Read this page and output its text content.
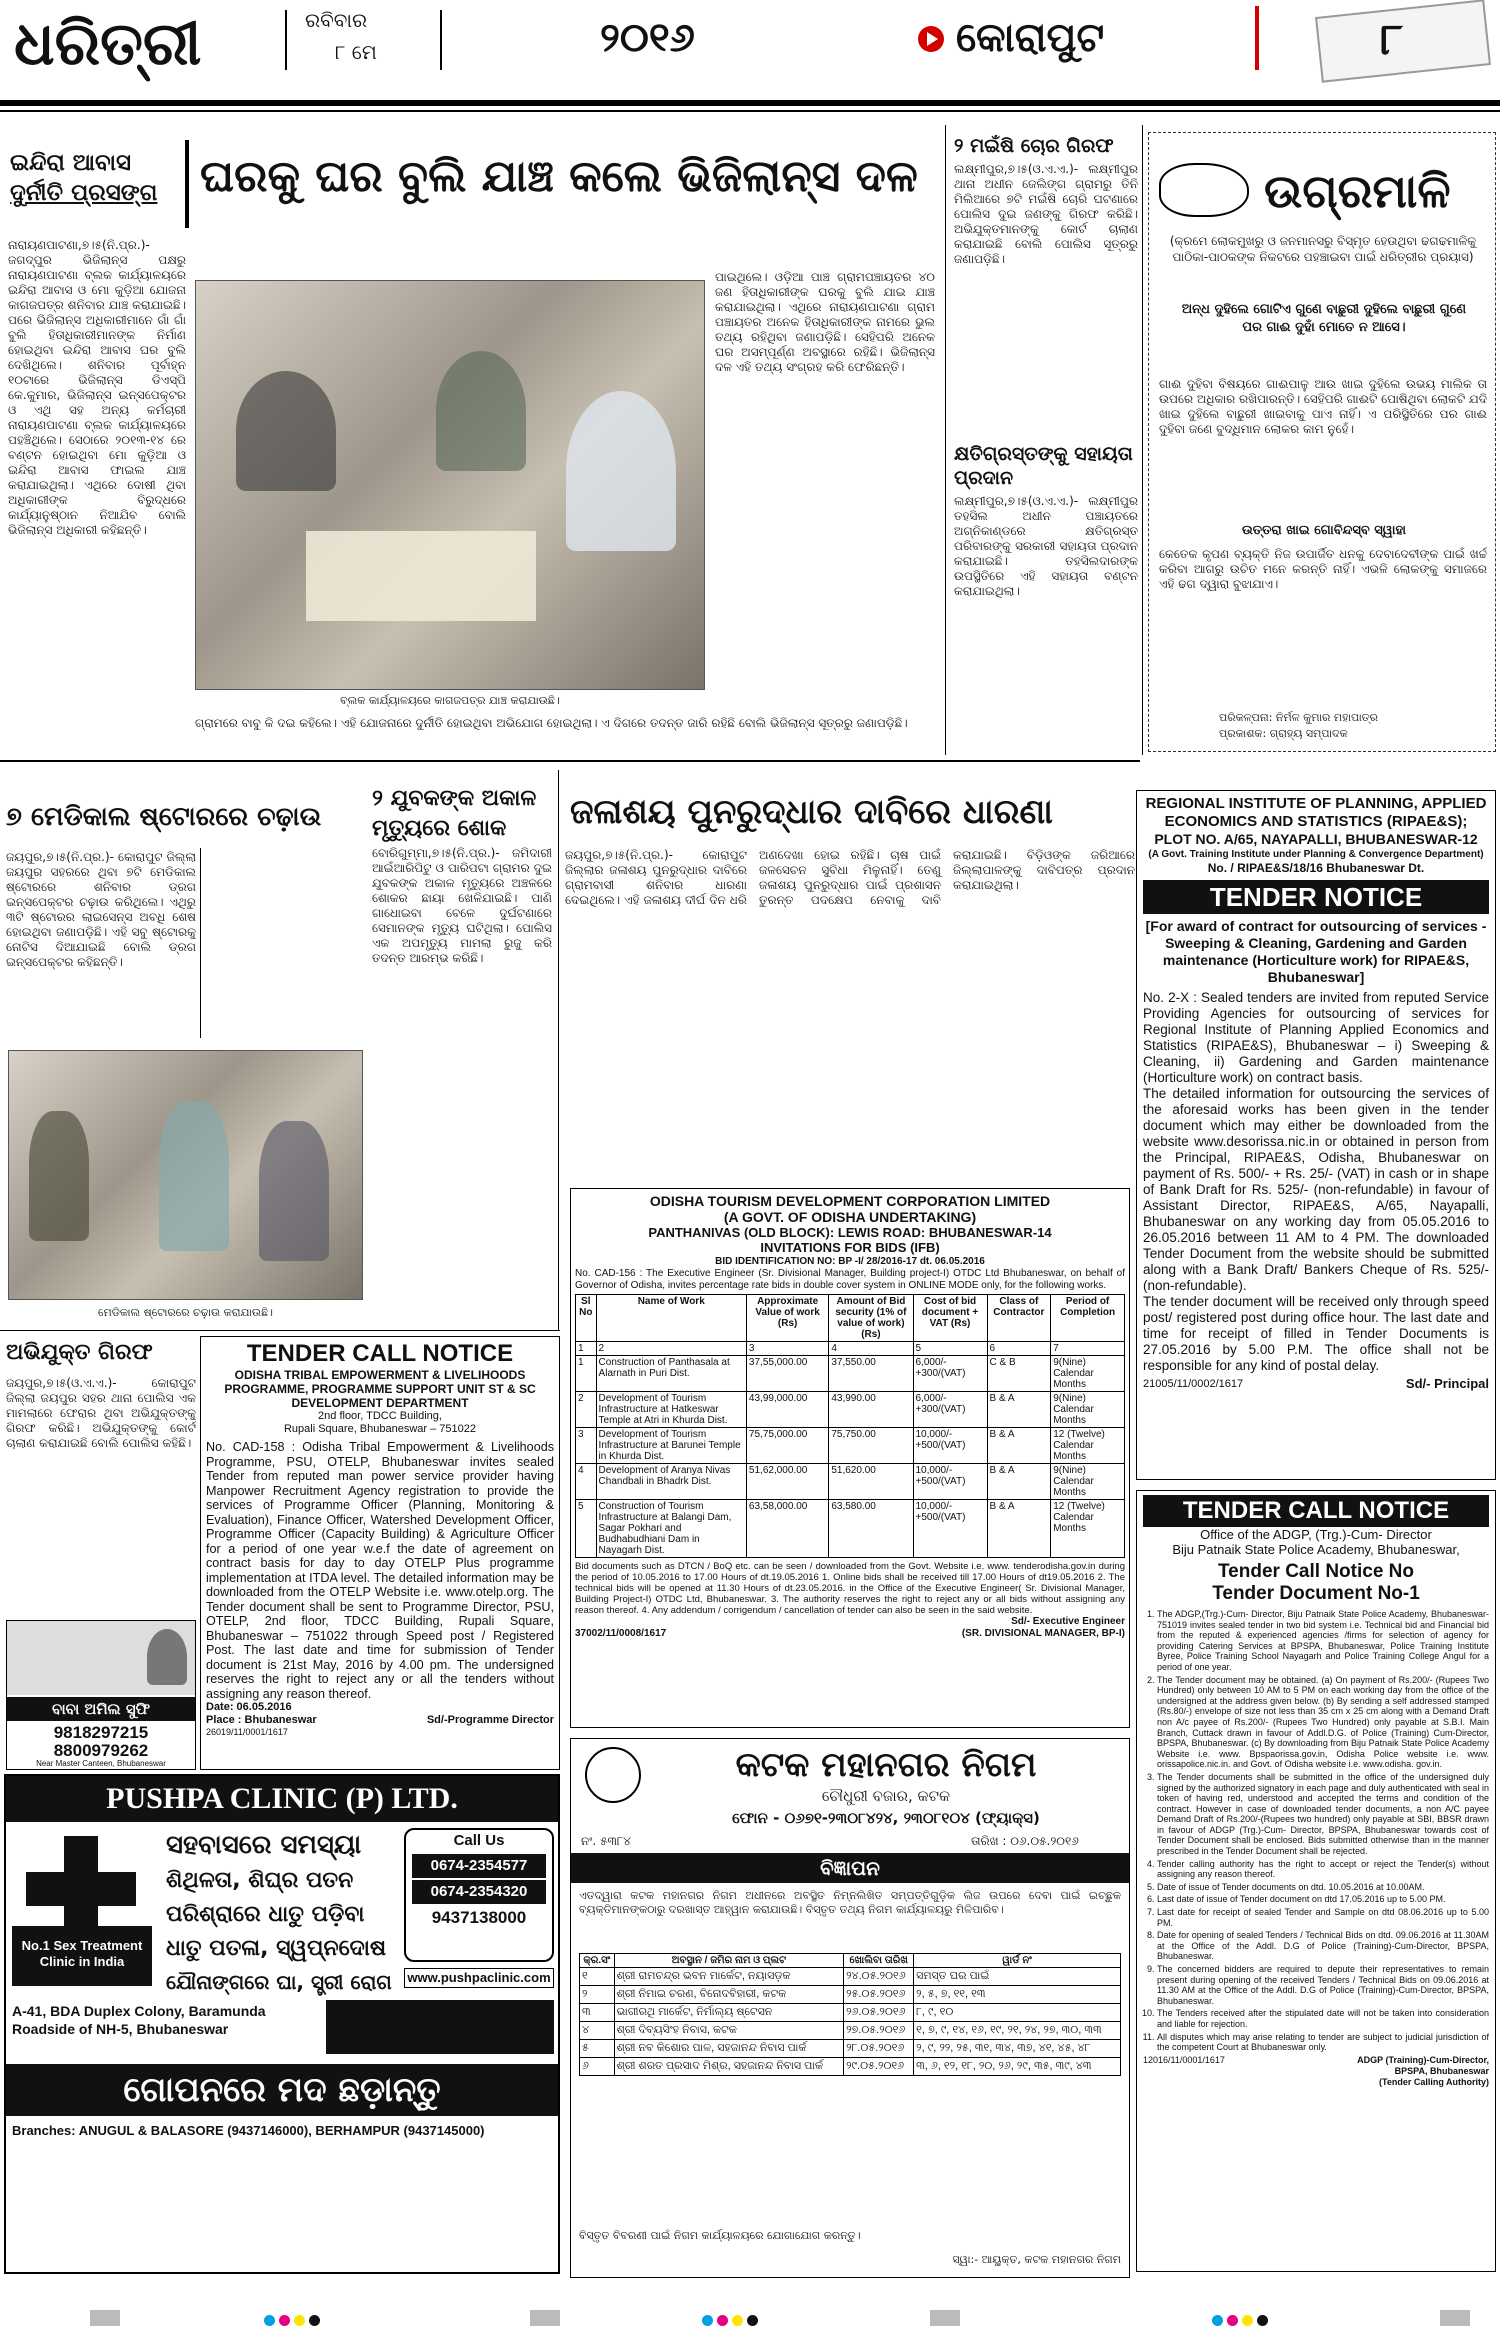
ଧରିତ୍ରୀ	ରବିବାର
୮ ମେ	୨୦୧୬	କୋରାପୁଟ	୮
ଇନ୍ଦିରା ଆବାସ
ଦୁର୍ନୀତି ପ୍ରସଙ୍ଗ ଘରକୁ ଘର ବୁଲି ଯାଞ୍ଚ କଲେ ଭିଜିଲାନ୍ସ ଦଳ
ନାରାୟଣପାଟଣା,୭।୫(ନି.ପ୍ର.)- ଜଗଦ୍ପୁର ଭିଜିଲାନ୍ସ ପକ୍ଷରୁ ନାରାୟଣପାଟଣା ବ୍ଲକ କାର୍ଯ୍ୟାଳୟରେ ଇନ୍ଦିରା ଆବାସ ଓ ମୋ କୁଡ଼ିଆ ଯୋଜନା କାଗଜପତ୍ର ଶନିବାର ଯାଞ୍ଚ କରାଯାଇଛି। ପରେ ଭିଜିଲାନ୍ସ ଅଧିକାରୀମାନେ ଗାଁ ଗାଁ ବୁଲି ହିତାଧିକାରୀମାନଙ୍କ ନିର୍ମାଣ ହୋଇଥିବା ଇନ୍ଦିରା ଆବାସ ଘର ବୁଲି ଦେଖିଥିଲେ। ଶନିବାର ପୂର୍ବାହ୍ନ ୧୦ଟାରେ ଭିଜିଲାନ୍ସ ଡିଏସ୍ପି କେ.କୁମାର, ଭିଜିଲାନ୍ସ ଇନ୍ସପେକ୍ଟର ଓ ଏଥି ସହ ଅନ୍ୟ କର୍ମଚାରୀ ନାରାୟଣପାଟଣା ବ୍ଲକ କାର୍ଯ୍ୟାଳୟରେ ପହଞ୍ଚିଥିଲେ। ସେଠାରେ ୨୦୧୩-୧୪ ରେ ବଣ୍ଟନ ହୋଇଥିବା ମୋ କୁଡ଼ିଆ ଓ ଇନ୍ଦିରା ଆବାସ ଫାଇଲ ଯାଞ୍ଚ କରାଯାଇଥିଲା। ଏଥିରେ ଦୋଷୀ ଥିବା ଅଧିକାରୀଙ୍କ ବିରୁଦ୍ଧରେ କାର୍ଯ୍ୟାନୁଷ୍ଠାନ ନିଆଯିବ ବୋଲି ଭିଜିଲାନ୍ସ ଅଧିକାରୀ କହିଛନ୍ତି।
ବ୍ଲକ କାର୍ଯ୍ୟାଳୟରେ କାଗଜପତ୍ର ଯାଞ୍ଚ କରାଯାଉଛି।
ପାଇଥିଲେ। ଓଡ଼ିଆ ପାଞ୍ଚ ଗ୍ରାମପଞ୍ଚାୟତର ୪୦ ଜଣ ହିତାଧିକାରୀଙ୍କ ଘରକୁ ବୁଲି ଯାଇ ଯାଞ୍ଚ କରାଯାଇଥିଲା। ଏଥିରେ ନାରାୟଣପାଟଣା ଗ୍ରାମ ପଞ୍ଚାୟତର ଅନେକ ହିତାଧିକାରୀଙ୍କ ନାମରେ ଭୁଲ ତଥ୍ୟ ରହିଥିବା ଜଣାପଡ଼ିଛି। ସେହିପରି ଅନେକ ଘର ଅସମ୍ପୂର୍ଣ୍ଣ ଅବସ୍ଥାରେ ରହିଛି। ଭିଜିଲାନ୍ସ ଦଳ ଏହି ତଥ୍ୟ ସଂଗ୍ରହ କରି ଫେରିଛନ୍ତି।
ଗ୍ରାମରେ ବାବୁ କି ଦଇ କହିଲେ। ଏହି ଯୋଜନାରେ ଦୁର୍ନୀତି ହୋଇଥିବା ଅଭିଯୋଗ ହୋଇଥିଲା। ଏ ଦିଗରେ ତଦନ୍ତ ଜାରି ରହିଛି ବୋଲି ଭିଜିଲାନ୍ସ ସୂତ୍ରରୁ ଜଣାପଡ଼ିଛି।
୨ ମଇଁଷି ଚୋର ଗିରଫ
ଲକ୍ଷ୍ମୀପୁର,୭।୫(ଓ.ଏ.ଏ.)- ଲକ୍ଷ୍ମୀପୁର ଥାନା ଅଧୀନ ଜେଲିଙ୍ଗ ଗ୍ରାମରୁ ତିନି ମିଲିଆରେ ୭ଟି ମଇଁଷି ଚୋରି ଘଟଣାରେ ପୋଲିସ ଦୁଇ ଜଣଙ୍କୁ ଗିରଫ କରିଛି। ଅଭିଯୁକ୍ତମାନଙ୍କୁ କୋର୍ଟ ଚାଲାଣ କରାଯାଇଛି ବୋଲି ପୋଲିସ ସୂତ୍ରରୁ ଜଣାପଡ଼ିଛି।
କ୍ଷତିଗ୍ରସ୍ତଙ୍କୁ ସହାୟତା ପ୍ରଦାନ
ଲକ୍ଷ୍ମୀପୁର,୭।୫(ଓ.ଏ.ଏ.)- ଲକ୍ଷ୍ମୀପୁର ତହସିଲ ଅଧୀନ ପଞ୍ଚାୟତରେ ଅଗ୍ନିକାଣ୍ଡରେ କ୍ଷତିଗ୍ରସ୍ତ ପରିବାରଙ୍କୁ ସରକାରୀ ସହାୟତା ପ୍ରଦାନ କରାଯାଇଛି। ତହସିଲଦାରଙ୍କ ଉପସ୍ଥିତିରେ ଏହି ସହାୟତା ବଣ୍ଟନ କରାଯାଇଥିଲା।
ଉଗ୍ରମାଳି
(କ୍ରମେ ଲୋକମୁଖରୁ ଓ ଜନମାନସରୁ ବିସ୍ମୃତ ହେଉଥିବା ଢଗଢମାଳିକୁ ପାଠିକା-ପାଠକଙ୍କ ନିକଟରେ ପହଞ୍ଚାଇବା ପାଇଁ ଧରିତ୍ରୀର ପ୍ରୟାସ)
ଅନ୍ଧ ଦୁହିଲେ ଗୋଟିଏ ଗୁଣେ ବାଛୁରୀ ଦୁହିଲେ ବାଛୁରୀ ଗୁଣେ ପର ଗାଈ ଦୁହାଁ ମୋତେ ନ ଆସେ।
ଗାଈ ଦୁହିବା ବିଷୟରେ ଗାଈପାଳୁ ଆଉ ଖାଇ ଦୁହିଲେ ଉଭୟ ମାଲିକ ତା ଉପରେ ଅଧିକାର ରଖିପାରନ୍ତି। ସେହିପରି ଗାଈଟି ପୋଷିଥିବା ଲୋକଟି ଯଦି ଖାଇ ଦୁହିଲେ ବାଛୁରୀ ଖାଇବାକୁ ପାଏ ନାହିଁ। ଏ ପରିସ୍ଥିତିରେ ପର ଗାଈ ଦୁହିବା ଜଣେ ବୁଦ୍ଧିମାନ ଲୋକର କାମ ନୁହେଁ।
ଉତ୍ତରା ଖାଇ ଗୋବିନ୍ଦସ୍ବ ସ୍ୱାହା
କେତେକ କୃପଣ ବ୍ୟକ୍ତି ନିଜ ଉପାର୍ଜିତ ଧନକୁ ଦେବାଦେବୀଙ୍କ ପାଇଁ ଖର୍ଚ୍ଚ କରିବା ଆଗରୁ ଉଚିତ ମନେ କରନ୍ତି ନାହିଁ। ଏଭଳି ଲୋକଙ୍କୁ ସମାଜରେ ଏହି ଢଗ ଦ୍ୱାରା ବୁଝାଯାଏ।
ପରିକଳ୍ପନା: ନିର୍ମଳ କୁମାର ମହାପାତ୍ର
ପ୍ରକାଶକ: ଗ୍ରାହ୍ୟ ସମ୍ପାଦକ
୭ ମେଡିକାଲ ଷ୍ଟୋରରେ ଚଢ଼ାଉ
ଜୟପୁର,୭।୫(ନି.ପ୍ର.)- କୋରାପୁଟ ଜିଲ୍ଲା ଜୟପୁର ସହରରେ ଥିବା ୭ଟି ମେଡିକାଲ ଷ୍ଟୋରରେ ଶନିବାର ଡ୍ରଗ ଇନ୍ସପେକ୍ଟର ଚଢ଼ାଉ କରିଥିଲେ। ଏଥିରୁ ୩ଟି ଷ୍ଟୋରର ଲାଇସେନ୍ସ ଅବଧି ଶେଷ ହୋଇଥିବା ଜଣାପଡ଼ିଛି। ଏହି ସବୁ ଷ୍ଟୋରକୁ ନୋଟିସ ଦିଆଯାଇଛି ବୋଲି ଡ୍ରଗ ଇନ୍ସପେକ୍ଟର କହିଛନ୍ତି।
ମେଡିକାଲ ଷ୍ଟୋରରେ ଚଢ଼ାଉ କରାଯାଉଛି।
୨ ଯୁବକଙ୍କ ଅକାଳ ମୃତ୍ୟୁରେ ଶୋକ
ବୋରିଗୁମ୍ମା,୭।୫(ନି.ପ୍ର.)- ଜମିଦାରୀ ଆଇଁଆରିପିଟୁ ଓ ପାରିପଟା ଗ୍ରାମର ଦୁଇ ଯୁବକଙ୍କ ଅକାଳ ମୃତ୍ୟୁରେ ଅଞ୍ଚଳରେ ଶୋକର ଛାୟା ଖେଳିଯାଇଛି। ପାଣି ଗାଧୋଇବା ବେଳେ ଦୁର୍ଘଟଣାରେ ସେମାନଙ୍କ ମୃତ୍ୟୁ ଘଟିଥିଲା। ପୋଲିସ ଏକ ଅପମୃତ୍ୟୁ ମାମଲା ରୁଜୁ କରି ତଦନ୍ତ ଆରମ୍ଭ କରିଛି।
ଜଳାଶୟ ପୁନରୁଦ୍ଧାର ଦାବିରେ ଧାରଣା
ଜୟପୁର,୭।୫(ନି.ପ୍ର.)- କୋରାପୁଟ ଜିଲ୍ଲାର ଜଳାଶୟ ପୁନରୁଦ୍ଧାର ଦାବିରେ ଗ୍ରାମବାସୀ ଶନିବାର ଧାରଣା ଦେଇଥିଲେ। ଏହି ଜଳାଶୟ ଦୀର୍ଘ ଦିନ ଧରି ଅଣଦେଖା ହୋଇ ରହିଛି। ଚାଷ ପାଇଁ ଜଳସେଚନ ସୁବିଧା ମିଳୁନାହିଁ। ତେଣୁ ଜଳାଶୟ ପୁନରୁଦ୍ଧାର ପାଇଁ ପ୍ରଶାସନ ତୁରନ୍ତ ପଦକ୍ଷେପ ନେବାକୁ ଦାବି କରାଯାଇଛି। ବିଡ଼ିଓଙ୍କ ଜରିଆରେ ଜିଲ୍ଲାପାଳଙ୍କୁ ଦାବିପତ୍ର ପ୍ରଦାନ କରାଯାଇଥିଲା।
ODISHA TOURISM DEVELOPMENT CORPORATION LIMITED
(A GOVT. OF ODISHA UNDERTAKING)
PANTHANIVAS (OLD BLOCK): LEWIS ROAD: BHUBANESWAR-14
INVITATIONS FOR BIDS (IFB)
BID IDENTIFICATION NO: BP -I/ 28/2016-17 dt. 06.05.2016
No. CAD-156 : The Executive Engineer (Sr. Divisional Manager, Building project-I) OTDC Ltd Bhubaneswar, on behalf of Governor of Odisha, invites percentage rate bids in double cover system in ONLINE MODE only, for the following works.
Sl No	Name of Work	Approximate Value of work (Rs)	Amount of Bid security (1% of value of work) (Rs)	Cost of bid document + VAT (Rs)	Class of Contractor	Period of Completion
1	2	3	4	5	6	7
1	Construction of Panthasala at Alarnath in Puri Dist.	37,55,000.00	37,550.00	6,000/- +300/(VAT)	C & B	9(Nine) Calendar Months
2	Development of Tourism Infrastructure at Hatkeswar Temple at Atri in Khurda Dist.	43,99,000.00	43,990.00	6,000/- +300/(VAT)	B & A	9(Nine) Calendar Months
3	Development of Tourism Infrastructure at Barunei Temple in Khurda Dist.	75,75,000.00	75,750.00	10,000/- +500/(VAT)	B & A	12 (Twelve) Calendar Months
4	Development of Aranya Nivas Chandbali in Bhadrk Dist.	51,62,000.00	51,620.00	10,000/- +500/(VAT)	B & A	9(Nine) Calendar Months
5	Construction of Tourism Infrastructure at Balangi Dam, Sagar Pokhari and Budhabudhiani Dam in Nayagarh Dist.	63,58,000.00	63,580.00	10,000/- +500/(VAT)	B & A	12 (Twelve) Calendar Months
Bid documents such as DTCN / BoQ etc. can be seen / downloaded from the Govt. Website i.e. www. tenderodisha.gov.in during the period of 10.05.2016 to 17.00 Hours of dt.19.05.2016 1. Online bids shall be received till 17.00 Hours of dt19.05.2016 2. The technical bids will be opened at 11.30 Hours of dt.23.05.2016. in the Office of the Executive Engineer( Sr. Divisional Manager, Building Project-I) OTDC Ltd, Bhubaneswar. 3. The authority reserves the right to reject any or all bids without assigning any reason thereof. 4. Any addendum / corrigendum / cancellation of tender can also be seen in the said website.
Sd/- Executive Engineer
37002/11/0008/1617	(SR. DIVISIONAL MANAGER, BP-I)
ଅଭିଯୁକ୍ତ ଗିରଫ
ଜୟପୁର,୭।୫(ଓ.ଏ.ଏ.)- କୋରାପୁଟ ଜିଲ୍ଲା ଜୟପୁର ସହର ଥାନା ପୋଲିସ ଏକ ମାମଲାରେ ଫେରାର ଥିବା ଅଭିଯୁକ୍ତଙ୍କୁ ଗିରଫ କରିଛି। ଅଭିଯୁକ୍ତଙ୍କୁ କୋର୍ଟ ଚାଲାଣ କରାଯାଇଛି ବୋଲି ପୋଲିସ କହିଛି।
ବାବା ଅମିଲ ସୁଫି
9818297215
8800979262
Near Master Canteen, Bhubaneswar
TENDER CALL NOTICE
ODISHA TRIBAL EMPOWERMENT & LIVELIHOODS PROGRAMME, PROGRAMME SUPPORT UNIT ST & SC DEVELOPMENT DEPARTMENT
2nd floor, TDCC Building,
Rupali Square, Bhubaneswar – 751022
No. CAD-158 : Odisha Tribal Empowerment & Livelihoods Programme, PSU, OTELP, Bhubaneswar invites sealed Tender from reputed man power service provider having Manpower Recruitment Agency registration to provide the services of Programme Officer (Planning, Monitoring & Evaluation), Finance Officer, Watershed Development Officer, Programme Officer (Capacity Building) & Agriculture Officer for a period of one year w.e.f the date of agreement on contract basis for day to day OTELP Plus programme implementation at ITDA level. The detailed information may be downloaded from the OTELP Website i.e. www.otelp.org. The Tender document shall be sent to Programme Director, PSU, OTELP, 2nd floor, TDCC Building, Rupali Square, Bhubaneswar – 751022 through Speed post / Registered Post. The last date and time for submission of Tender document is 21st May, 2016 by 4.00 pm. The undersigned reserves the right to reject any or all the tenders without assigning any reason thereof.
Date: 06.05.2016
Place : Bhubaneswar	Sd/-Programme Director
26019/11/0001/1617
PUSHPA CLINIC (P) LTD.
No.1 Sex Treatment Clinic in India
ସହବାସରେ ସମସ୍ୟା
ଶିଥିଳତା, ଶିଘ୍ର ପତନ
ପରିଶ୍ରାରେ ଧାତୁ ପଡ଼ିବା
ଧାତୁ ପତଳା, ସ୍ୱପ୍ନଦୋଷ
ଯୌନାଙ୍ଗରେ ଘା, ସ୍ତ୍ରୀ ରୋଗ
Call Us
0674-2354577
0674-2354320
9437138000
www.pushpaclinic.com
A-41, BDA Duplex Colony, Baramunda Roadside of NH-5, Bhubaneswar
ଗୋପନରେ ମଦ ଛଡ଼ାନ୍ତୁ
Branches: ANUGUL & BALASORE (9437146000), BERHAMPUR (9437145000)
କଟକ ମହାନଗର ନିଗମ
ଚୌଧୁରୀ ବଜାର, କଟକ
ଫୋନ - ୦୬୭୧-୨୩୦୮୪୨୪, ୨୩୦୮୧୦୪ (ଫ୍ୟାକ୍ସ)
ନଂ. ୫୩୮୪	ତାରିଖ : ୦୬.୦୫.୨୦୧୬
ବିଜ୍ଞାପନ
ଏତଦ୍ୱାରା କଟକ ମହାନଗର ନିଗମ ଅଧୀନରେ ଅବସ୍ଥିତ ନିମ୍ନଲିଖିତ ସମ୍ପତ୍ତିଗୁଡ଼ିକ ଲିଜ ଉପରେ ଦେବା ପାଇଁ ଇଚ୍ଛୁକ ବ୍ୟକ୍ତିମାନଙ୍କଠାରୁ ଦରଖାସ୍ତ ଆହ୍ୱାନ କରାଯାଉଛି। ବିସ୍ତୃତ ତଥ୍ୟ ନିଗମ କାର୍ଯ୍ୟାଳୟରୁ ମିଳିପାରିବ।
କ୍ର.ସଂ	ଅବସ୍ଥାନ / ଜମିର ନାମ ଓ ପ୍ଲଟ	ଖୋଲିବା ତାରିଖ	ୱାର୍ଡ ନଂ
୧	ଶ୍ରୀ ରାମଚନ୍ଦ୍ର ଭବନ ମାର୍କେଟ, ନୟାସଡ଼କ	୨୪.୦୫.୨୦୧୬	ସମସ୍ତ ଘର ପାଇଁ
୨	ଶ୍ରୀ ନିମାଇ ଚରଣ, ବିନୋଦବିହାରୀ, କଟକ	୨୫.୦୫.୨୦୧୬	୨, ୫, ୭, ୧୧, ୧୩
୩	ଭାଗୀରଥି ମାର୍କେଟ, ନିର୍ମାଲ୍ୟ ଷ୍ଟେସନ	୨୬.୦୫.୨୦୧୬	୮, ୯, ୧୦
୪	ଶ୍ରୀ ଦିବ୍ୟସିଂହ ନିବାସ, କଟକ	୨୭.୦୫.୨୦୧୬	୧, ୭, ୯, ୧୪, ୧୬, ୧୯, ୨୧, ୨୪, ୨୭, ୩୦, ୩୩
୫	ଶ୍ରୀ ନବ କିଶୋର ପାଳ, ସହଜାନନ୍ଦ ନିବାସ ପାର୍କ	୨୮.୦୫.୨୦୧୬	୨, ୯, ୨୨, ୨୫, ୩୧, ୩୪, ୩୭, ୪୧, ୪୫, ୪୮
୬	ଶ୍ରୀ ଶରତ ପ୍ରସାଦ ମିଶ୍ର, ସହଜାନନ୍ଦ ନିବାସ ପାର୍କ	୨୯.୦୫.୨୦୧୬	୩, ୬, ୧୨, ୧୮, ୨୦, ୨୬, ୨୯, ୩୫, ୩୯, ୪୩
ବିସ୍ତୃତ ବିବରଣୀ ପାଇଁ ନିଗମ କାର୍ଯ୍ୟାଳୟରେ ଯୋଗାଯୋଗ କରନ୍ତୁ।
ସ୍ୱା:- ଆୟୁକ୍ତ, କଟକ ମହାନଗର ନିଗମ
REGIONAL INSTITUTE OF PLANNING, APPLIED ECONOMICS AND STATISTICS (RIPAE&S);
PLOT NO. A/65, NAYAPALLI, BHUBANESWAR-12
(A Govt. Training Institute under Planning & Convergence Department)
No. / RIPAE&S/18/16 Bhubaneswar Dt.
TENDER NOTICE
[For award of contract for outsourcing of services - Sweeping & Cleaning, Gardening and Garden maintenance (Horticulture work) for RIPAE&S, Bhubaneswar]
No. 2-X : Sealed tenders are invited from reputed Service Providing Agencies for outsourcing of services for Regional Institute of Planning Applied Economics and Statistics (RIPAE&S), Bhubaneswar – i) Sweeping & Cleaning, ii) Gardening and Garden maintenance (Horticulture work) on contract basis.
The detailed information for outsourcing the services of the aforesaid works has been given in the tender document which may either be downloaded from the website www.desorissa.nic.in or obtained in person from the Principal, RIPAE&S, Odisha, Bhubaneswar on payment of Rs. 500/- + Rs. 25/- (VAT) in cash or in shape of Bank Draft for Rs. 525/- (non-refundable) in favour of Assistant Director, RIPAE&S, A/65, Nayapalli, Bhubaneswar on any working day from 05.05.2016 to 26.05.2016 between 11 AM to 4 PM. The downloaded Tender Document from the website should be submitted along with a Bank Draft/ Bankers Cheque of Rs. 525/- (non-refundable).
The tender document will be received only through speed post/ registered post during office hour. The last date and time for receipt of filled in Tender Documents is 27.05.2016 by 5.00 P.M. The office shall not be responsible for any kind of postal delay.
21005/11/0002/1617	Sd/- Principal
TENDER CALL NOTICE
Office of the ADGP, (Trg.)-Cum- Director
Biju Patnaik State Police Academy, Bhubaneswar,
Tender Call Notice No
Tender Document No-1
1. The ADGP,(Trg.)-Cum- Director, Biju Patnaik State Police Academy, Bhubaneswar-751019 invites sealed tender in two bid system i.e. Technical bid and Financial bid from the reputed & experienced agencies /firms for selection of agency for providing Catering Services at BPSPA, Bhubaneswar, Police Training Institute Byree, Police Training School Nayagarh and Police Training College Angul for a period of one year.
2. The Tender document may be obtained. (a) On payment of Rs.200/- (Rupees Two Hundred) only between 10 AM to 5 PM on each working day from the office of the undersigned at the address given below. (b) By sending a self addressed stamped (Rs.80/-) envelope of size not less than 35 cm x 25 cm along with a Demand Draft non A/c payee of Rs.200/- (Rupees Two Hundred) only payable at S.B.I. Main Branch, Cuttack drawn in favour of Addl.D.G. of Police (Training) Cum-Director, BPSPA, Bhubaneswar. (c) By downloading from Biju Patnaik State Police Academy Website i.e. www. Bpspaorissa.gov.in, Odisha Police website i.e. www. orissapolice.nic.in. and Govt. of Odisha website i.e. www.odisha. gov.in.
3. The Tender documents shall be submitted in the office of the undersigned duly signed by the authorized signatory in each page and duly authenticated with seal in token of having red, understood and accepted the terms and condition of the contract. However in case of downloaded tender documents, a non A/C payee Demand Draft of Rs.200/-(Rupees two hundred) only payable at SBI, BBSR drawn in favour of ADGP (Trg.)-Cum- Director, BPSPA, Bhubaneswar towards cost of Tender Document shall be enclosed. Bids submitted otherwise than in the manner prescribed in the Tender Document shall be rejected.
4. Tender calling authority has the right to accept or reject the Tender(s) without assigning any reason thereof.
5. Date of issue of Tender documents on dtd. 10.05.2016 at 10.00AM.
6. Last date of issue of Tender document on dtd 17.05.2016 up to 5.00 PM.
7. Last date for receipt of sealed Tender and Sample on dtd 08.06.2016 up to 5.00 PM.
8. Date for opening of sealed Tenders / Technical Bids on dtd. 09.06.2016 at 11.30AM at the Office of the Addl. D.G of Police (Training)-Cum-Director, BPSPA, Bhubaneswar.
9. The concerned bidders are required to depute their representatives to remain present during opening of the received Tenders / Technical Bids on 09.06.2016 at 11.30 AM at the Office of the Addl. D.G of Police (Training)-Cum-Director, BPSPA, Bhubaneswar.
10. The Tenders received after the stipulated date will not be taken into consideration and liable for rejection.
11. All disputes which may arise relating to tender are subject to judicial jurisdiction of the competent Court at Bhubaneswar only.
12016/11/0001/1617	ADGP (Training)-Cum-Director,
BPSPA, Bhubaneswar
(Tender Calling Authority)
